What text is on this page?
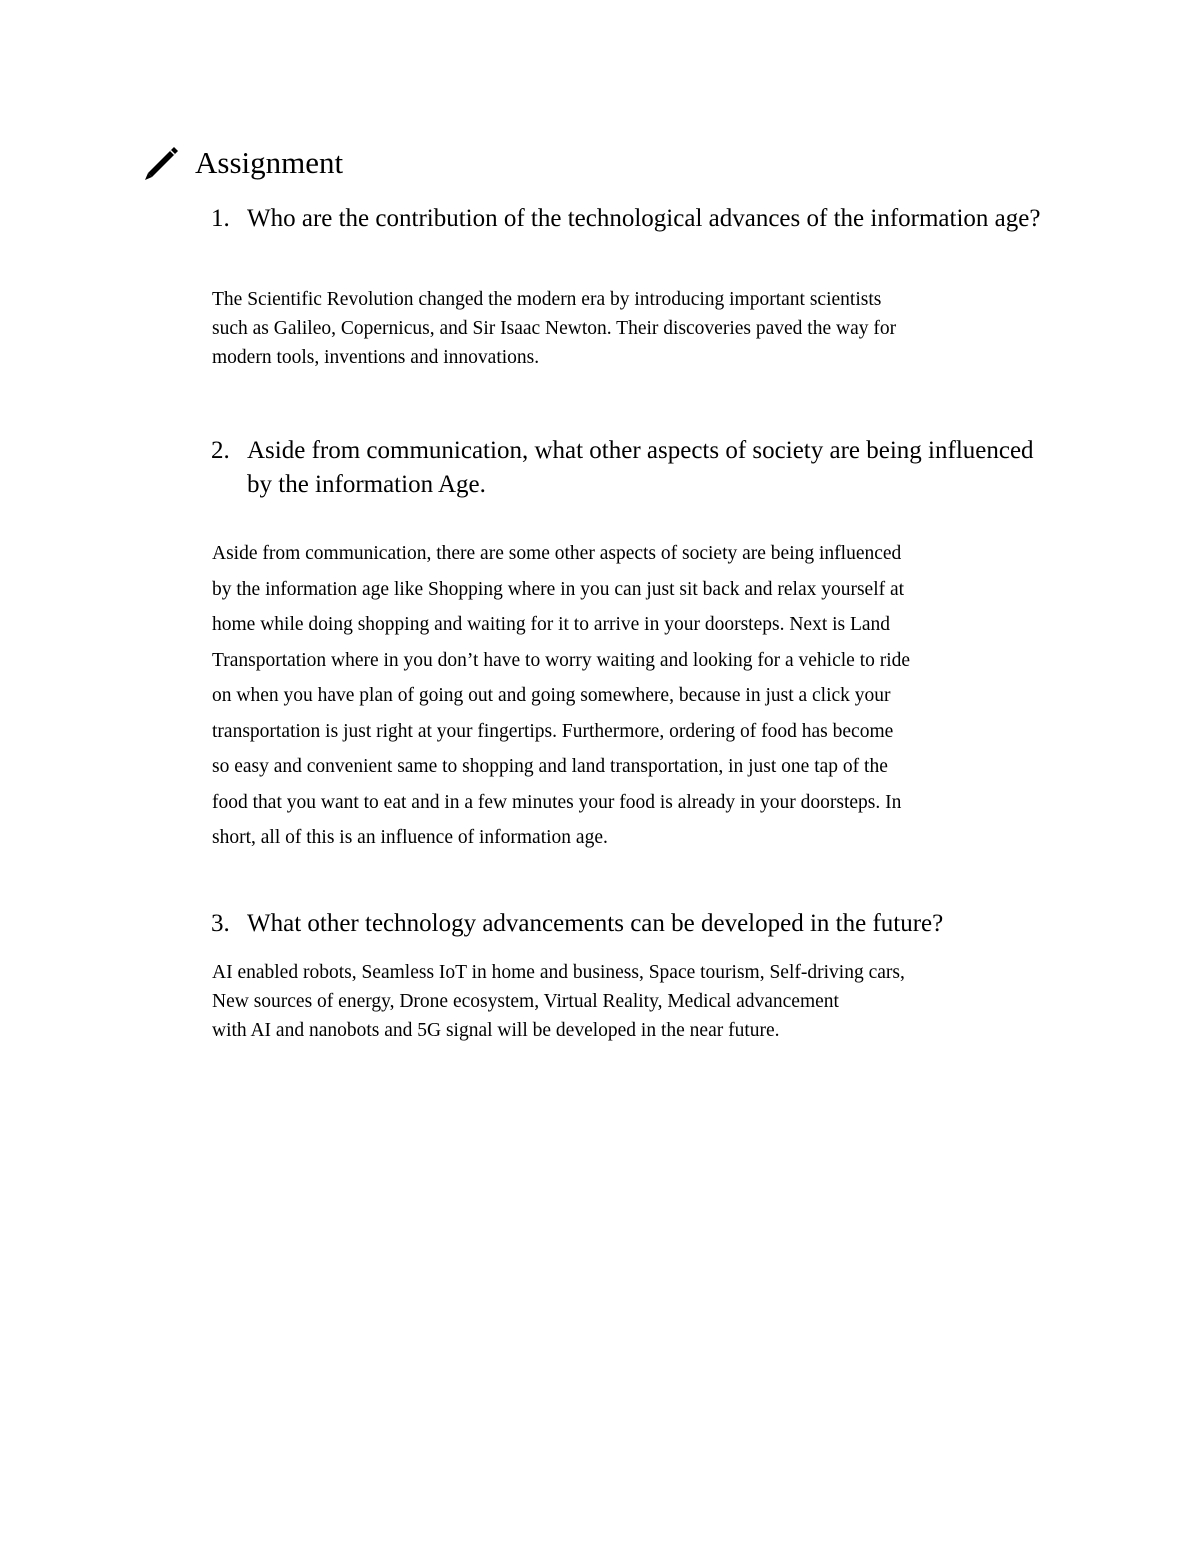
Assignment
1. Who are the contribution of the technological advances of the information age?

The Scientific Revolution changed the modern era by introducing important scientists
such as Galileo, Copernicus, and Sir Isaac Newton. Their discoveries paved the way for
modern tools, inventions and innovations.

2. Aside from communication, what other aspects of society are being influenced by the information Age.

Aside from communication, there are some other aspects of society are being influenced
by the information age like Shopping where in you can just sit back and relax yourself at
home while doing shopping and waiting for it to arrive in your doorsteps. Next is Land
Transportation where in you don’t have to worry waiting and looking for a vehicle to ride
on when you have plan of going out and going somewhere, because in just a click your
transportation is just right at your fingertips. Furthermore, ordering of food has become
so easy and convenient same to shopping and land transportation, in just one tap of the
food that you want to eat and in a few minutes your food is already in your doorsteps. In
short, all of this is an influence of information age.

3. What other technology advancements can be developed in the future?

AI enabled robots, Seamless IoT in home and business, Space tourism, Self-driving cars,
New sources of energy, Drone ecosystem, Virtual Reality, Medical advancement
with AI and nanobots and 5G signal will be developed in the near future.
